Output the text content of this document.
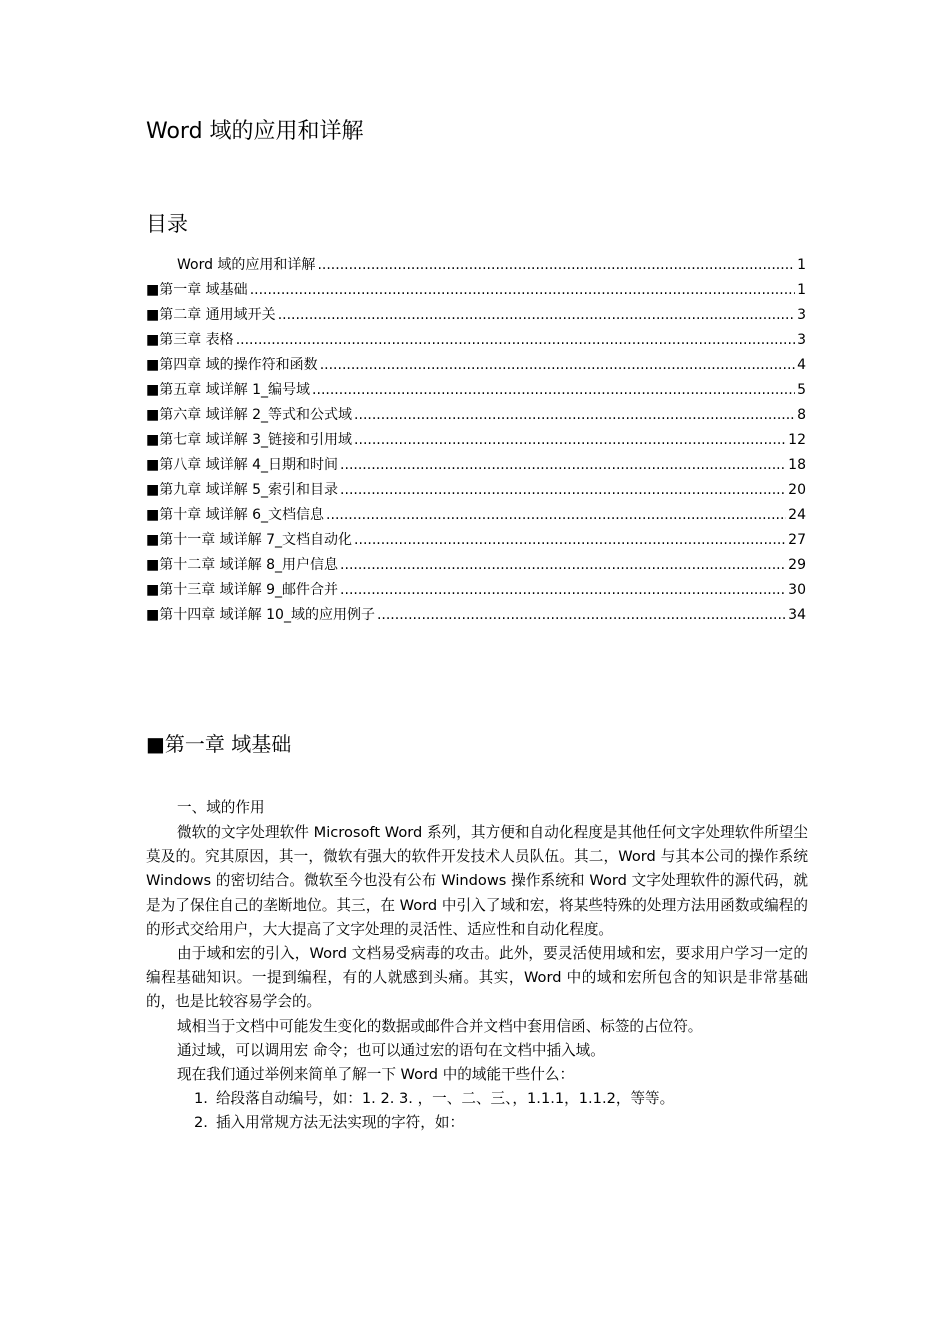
Word 域的应用和详解
目录
Word 域的应用和详解 .....	1
■第一章 域基础 .....	1
■第二章 通用域开关 .....	3
■第三章 表格 .....	3
■第四章 域的操作符和函数 .....	4
■第五章 域详解 1_编号域 .....	5
■第六章 域详解 2_等式和公式域 .....	8
■第七章 域详解 3_链接和引用域 .....	12
■第八章 域详解 4_日期和时间 .....	18
■第九章 域详解 5_索引和目录 .....	20
■第十章 域详解 6_文档信息 .....	24
■第十一章 域详解 7_文档自动化 .....	27
■第十二章 域详解 8_用户信息 .....	29
■第十三章 域详解 9_邮件合并 .....	30
■第十四章 域详解 10_域的应用例子 .....	34
■第一章 域基础
一、域的作用
微软的文字处理软件 Microsoft Word 系列，其方便和自动化程度是其他任何文字处理软件所望尘莫及的。究其原因，其一，微软有强大的软件开发技术人员队伍。其二，Word 与其本公司的操作系统 Windows 的密切结合。微软至今也没有公布 Windows 操作系统和 Word 文字处理软件的源代码，就是为了保住自己的垄断地位。其三，在 Word 中引入了域和宏，将某些特殊的处理方法用函数或编程的的形式交给用户，大大提高了文字处理的灵活性、适应性和自动化程度。
由于域和宏的引入，Word 文档易受病毒的攻击。此外，要灵活使用域和宏，要求用户学习一定的编程基础知识。一提到编程，有的人就感到头痛。其实，Word 中的域和宏所包含的知识是非常基础的，也是比较容易学会的。
域相当于文档中可能发生变化的数据或邮件合并文档中套用信函、标签的占位符。
通过域，可以调用宏 命令；也可以通过宏的语句在文档中插入域。
现在我们通过举例来简单了解一下 Word 中的域能干些什么：
1. 给段落自动编号，如：1. 2. 3. ，一、二、三、，1.1.1，1.1.2，等等。
2. 插入用常规方法无法实现的字符，如：
